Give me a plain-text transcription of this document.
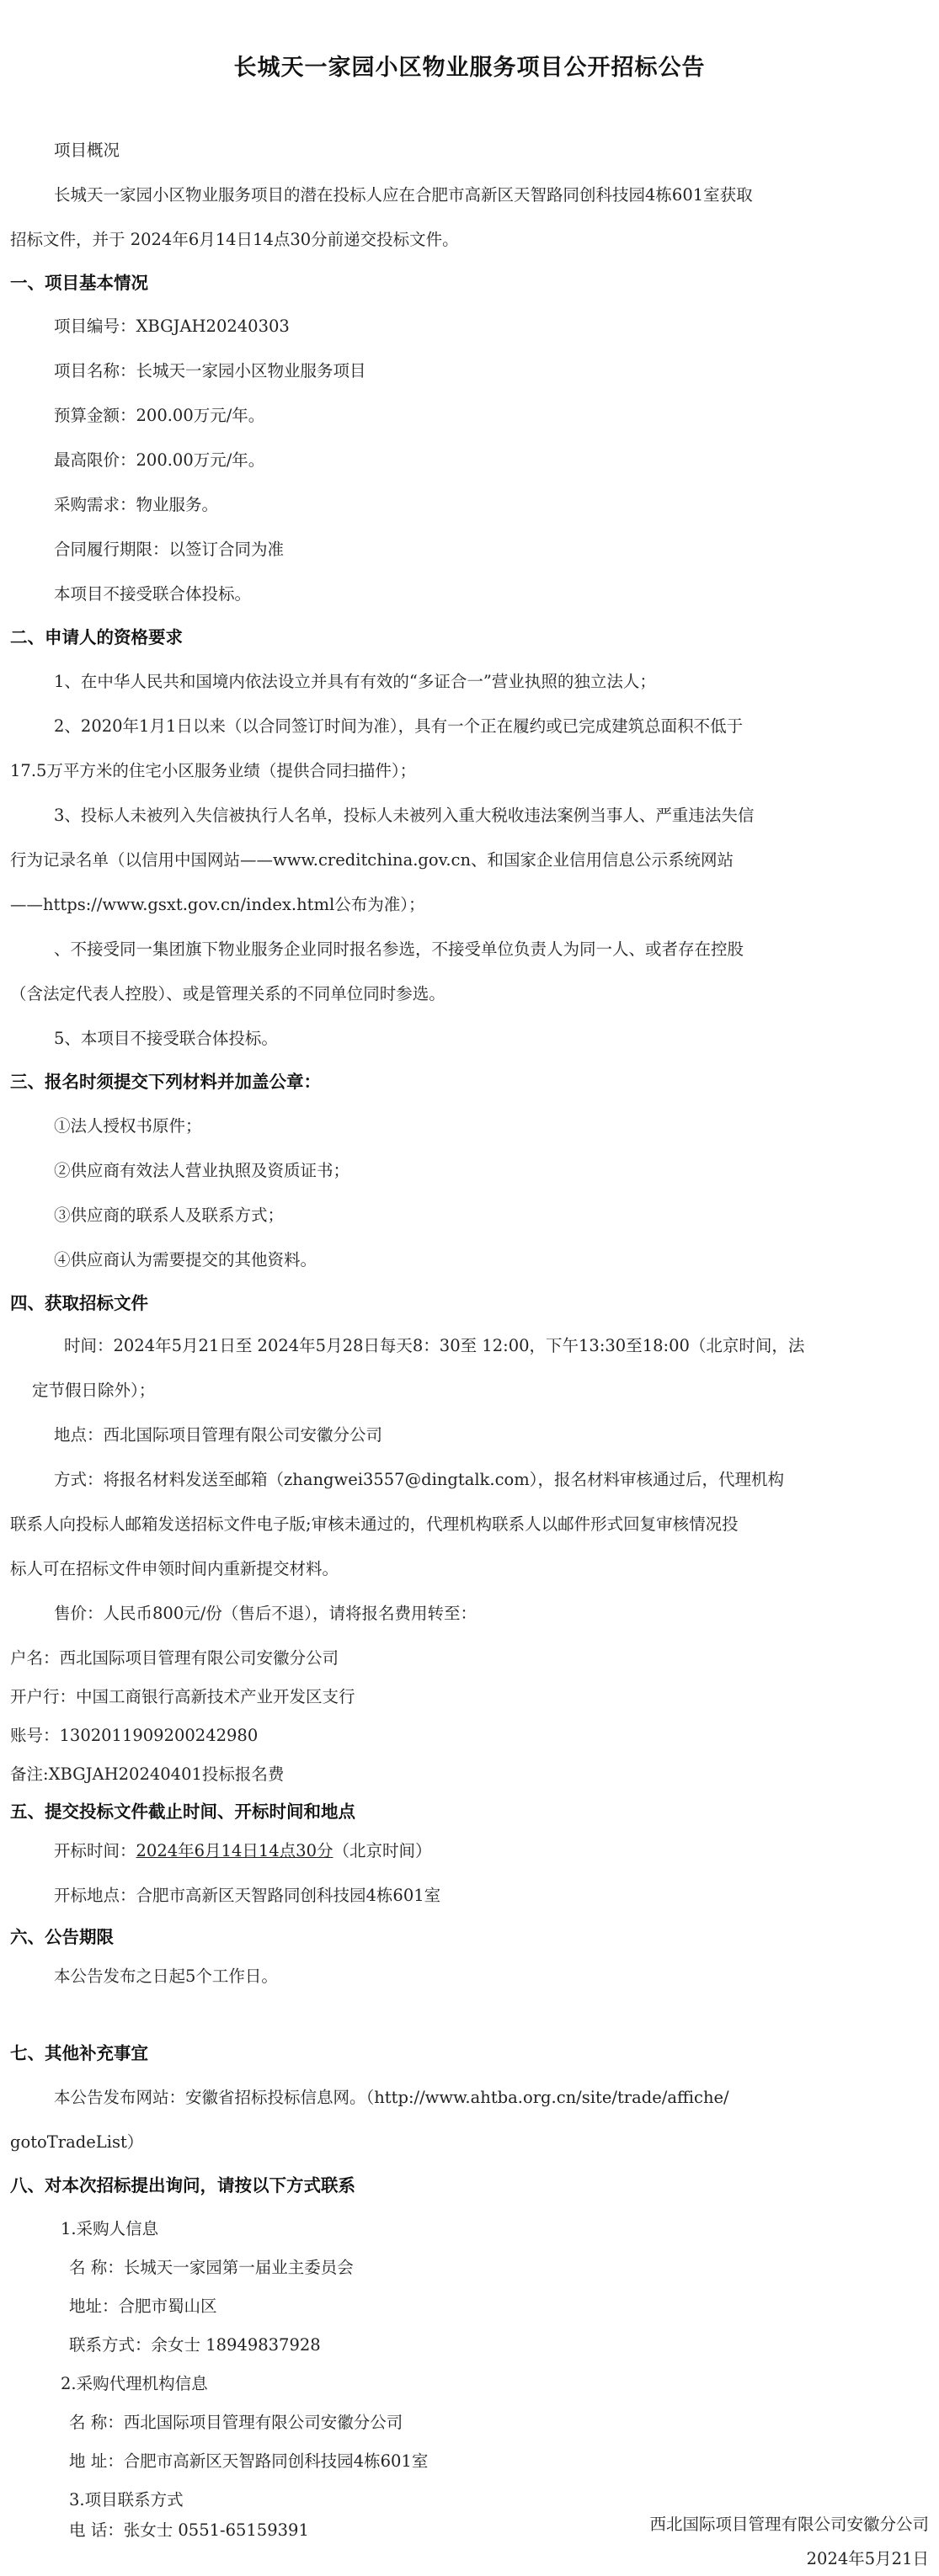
长城天一家园小区物业服务项目公开招标公告
项目概况
长城天一家园小区物业服务项目的潜在投标人应在合肥市高新区天智路同创科技园4栋601室获取
招标文件，并于 2024年6月14日14点30分前递交投标文件。
一、项目基本情况
项目编号：XBGJAH20240303
项目名称：长城天一家园小区物业服务项目
预算金额：200.00万元/年。
最高限价：200.00万元/年。
采购需求：物业服务。
合同履行期限：以签订合同为准
本项目不接受联合体投标。
二、申请人的资格要求
1、在中华人民共和国境内依法设立并具有有效的“多证合一”营业执照的独立法人；
2、2020年1月1日以来（以合同签订时间为准），具有一个正在履约或已完成建筑总面积不低于
17.5万平方米的住宅小区服务业绩（提供合同扫描件）；
3、投标人未被列入失信被执行人名单，投标人未被列入重大税收违法案例当事人、严重违法失信
行为记录名单（以信用中国网站——www.creditchina.gov.cn、和国家企业信用信息公示系统网站
——https://www.gsxt.gov.cn/index.html公布为准）；
、不接受同一集团旗下物业服务企业同时报名参选，不接受单位负责人为同一人、或者存在控股
（含法定代表人控股）、或是管理关系的不同单位同时参选。
5、本项目不接受联合体投标。
三、报名时须提交下列材料并加盖公章：
①法人授权书原件；
②供应商有效法人营业执照及资质证书；
③供应商的联系人及联系方式；
④供应商认为需要提交的其他资料。
四、获取招标文件
时间：2024年5月21日至 2024年5月28日每天8：30至 12:00，下午13:30至18:00（北京时间，法
定节假日除外）；
地点：西北国际项目管理有限公司安徽分公司
方式：将报名材料发送至邮箱（zhangwei3557@dingtalk.com），报名材料审核通过后，代理机构
联系人向投标人邮箱发送招标文件电子版;审核未通过的，代理机构联系人以邮件形式回复审核情况投
标人可在招标文件申领时间内重新提交材料。
售价：人民币800元/份（售后不退），请将报名费用转至：
户名：西北国际项目管理有限公司安徽分公司
开户行：中国工商银行高新技术产业开发区支行
账号：1302011909200242980
备注:XBGJAH20240401投标报名费
五、提交投标文件截止时间、开标时间和地点
开标时间：2024年6月14日14点30分（北京时间）
开标地点：合肥市高新区天智路同创科技园4栋601室
六、公告期限
本公告发布之日起5个工作日。
七、其他补充事宜
本公告发布网站：安徽省招标投标信息网。（http://www.ahtba.org.cn/site/trade/affiche/
gotoTradeList）
八、对本次招标提出询问，请按以下方式联系
1.采购人信息
名 称：长城天一家园第一届业主委员会
地址：合肥市蜀山区
联系方式：余女士 18949837928
2.采购代理机构信息
名 称：西北国际项目管理有限公司安徽分公司
地 址：合肥市高新区天智路同创科技园4栋601室
3.项目联系方式
电 话：张女士 0551-65159391	西北国际项目管理有限公司安徽分公司
2024年5月21日
